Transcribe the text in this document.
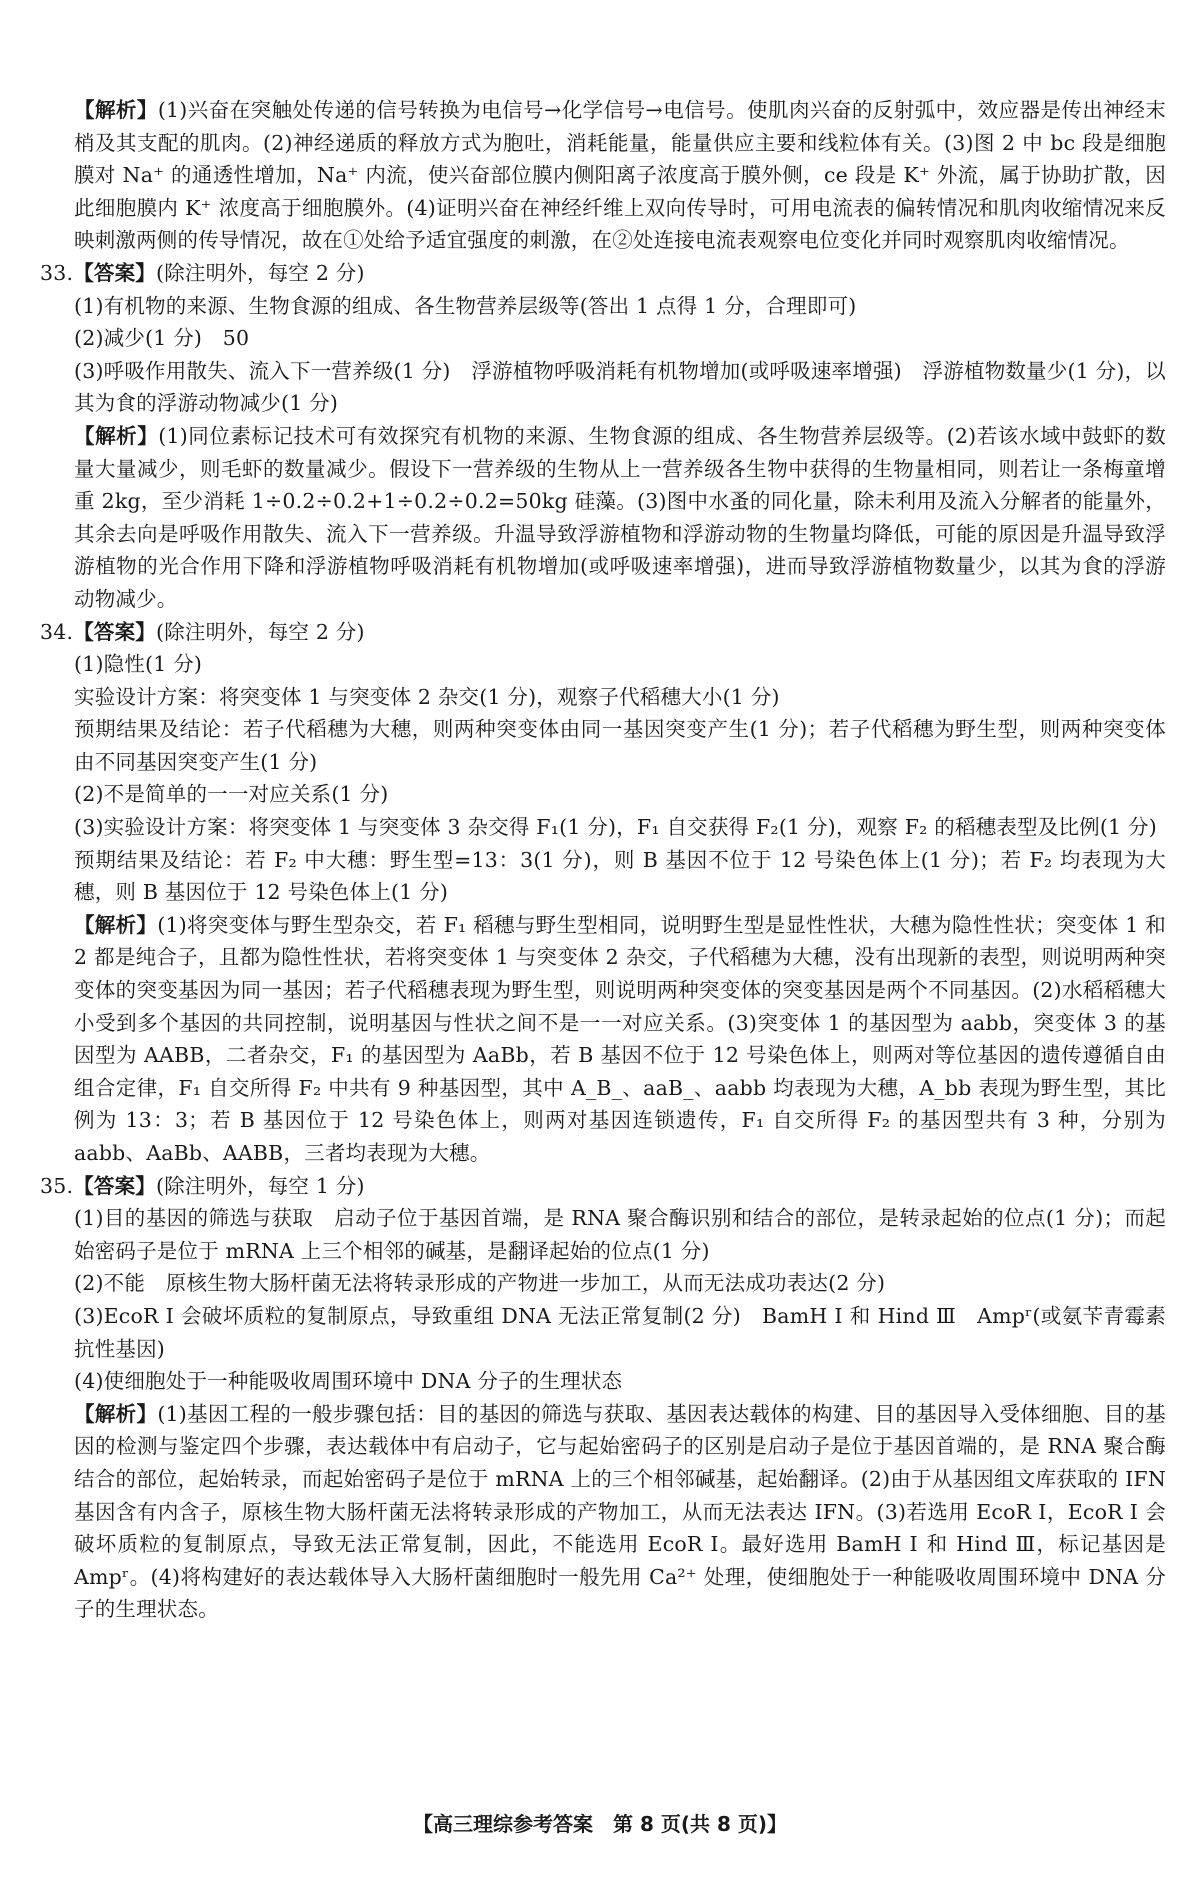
【解析】(1)兴奋在突触处传递的信号转换为电信号→化学信号→电信号。使肌肉兴奋的反射弧中，效应器是传出神经末梢及其支配的肌肉。(2)神经递质的释放方式为胞吐，消耗能量，能量供应主要和线粒体有关。(3)图 2 中 bc 段是细胞膜对 Na⁺ 的通透性增加，Na⁺ 内流，使兴奋部位膜内侧阳离子浓度高于膜外侧，ce 段是 K⁺ 外流，属于协助扩散，因此细胞膜内 K⁺ 浓度高于细胞膜外。(4)证明兴奋在神经纤维上双向传导时，可用电流表的偏转情况和肌肉收缩情况来反映刺激两侧的传导情况，故在①处给予适宜强度的刺激，在②处连接电流表观察电位变化并同时观察肌肉收缩情况。

33.【答案】(除注明外，每空 2 分)

(1)有机物的来源、生物食源的组成、各生物营养层级等(答出 1 点得 1 分，合理即可)

(2)减少(1 分)　50

(3)呼吸作用散失、流入下一营养级(1 分)　浮游植物呼吸消耗有机物增加(或呼吸速率增强)　浮游植物数量少(1 分)，以其为食的浮游动物减少(1 分)

【解析】(1)同位素标记技术可有效探究有机物的来源、生物食源的组成、各生物营养层级等。(2)若该水域中鼓虾的数量大量减少，则毛虾的数量减少。假设下一营养级的生物从上一营养级各生物中获得的生物量相同，则若让一条梅童增重 2kg，至少消耗 1÷0.2÷0.2+1÷0.2÷0.2=50kg 硅藻。(3)图中水蚤的同化量，除未利用及流入分解者的能量外，其余去向是呼吸作用散失、流入下一营养级。升温导致浮游植物和浮游动物的生物量均降低，可能的原因是升温导致浮游植物的光合作用下降和浮游植物呼吸消耗有机物增加(或呼吸速率增强)，进而导致浮游植物数量少，以其为食的浮游动物减少。

34.【答案】(除注明外，每空 2 分)

(1)隐性(1 分)

实验设计方案：将突变体 1 与突变体 2 杂交(1 分)，观察子代稻穗大小(1 分)

预期结果及结论：若子代稻穗为大穗，则两种突变体由同一基因突变产生(1 分)；若子代稻穗为野生型，则两种突变体由不同基因突变产生(1 分)

(2)不是简单的一一对应关系(1 分)

(3)实验设计方案：将突变体 1 与突变体 3 杂交得 F₁(1 分)，F₁ 自交获得 F₂(1 分)，观察 F₂ 的稻穗表型及比例(1 分)

预期结果及结论：若 F₂ 中大穗：野生型=13：3(1 分)，则 B 基因不位于 12 号染色体上(1 分)；若 F₂ 均表现为大穗，则 B 基因位于 12 号染色体上(1 分)

【解析】(1)将突变体与野生型杂交，若 F₁ 稻穗与野生型相同，说明野生型是显性性状，大穗为隐性性状；突变体 1 和 2 都是纯合子，且都为隐性性状，若将突变体 1 与突变体 2 杂交，子代稻穗为大穗，没有出现新的表型，则说明两种突变体的突变基因为同一基因；若子代稻穗表现为野生型，则说明两种突变体的突变基因是两个不同基因。(2)水稻稻穗大小受到多个基因的共同控制，说明基因与性状之间不是一一对应关系。(3)突变体 1 的基因型为 aabb，突变体 3 的基因型为 AABB，二者杂交，F₁ 的基因型为 AaBb，若 B 基因不位于 12 号染色体上，则两对等位基因的遗传遵循自由组合定律，F₁ 自交所得 F₂ 中共有 9 种基因型，其中 A_B_、aaB_、aabb 均表现为大穗，A_bb 表现为野生型，其比例为 13：3；若 B 基因位于 12 号染色体上，则两对基因连锁遗传，F₁ 自交所得 F₂ 的基因型共有 3 种，分别为 aabb、AaBb、AABB，三者均表现为大穗。

35.【答案】(除注明外，每空 1 分)

(1)目的基因的筛选与获取　启动子位于基因首端，是 RNA 聚合酶识别和结合的部位，是转录起始的位点(1 分)；而起始密码子是位于 mRNA 上三个相邻的碱基，是翻译起始的位点(1 分)

(2)不能　原核生物大肠杆菌无法将转录形成的产物进一步加工，从而无法成功表达(2 分)

(3)EcoR Ⅰ 会破坏质粒的复制原点，导致重组 DNA 无法正常复制(2 分)　BamH Ⅰ 和 Hind Ⅲ　Ampʳ(或氨苄青霉素抗性基因)

(4)使细胞处于一种能吸收周围环境中 DNA 分子的生理状态

【解析】(1)基因工程的一般步骤包括：目的基因的筛选与获取、基因表达载体的构建、目的基因导入受体细胞、目的基因的检测与鉴定四个步骤，表达载体中有启动子，它与起始密码子的区别是启动子是位于基因首端的，是 RNA 聚合酶结合的部位，起始转录，而起始密码子是位于 mRNA 上的三个相邻碱基，起始翻译。(2)由于从基因组文库获取的 IFN 基因含有内含子，原核生物大肠杆菌无法将转录形成的产物加工，从而无法表达 IFN。(3)若选用 EcoR Ⅰ，EcoR Ⅰ 会破坏质粒的复制原点，导致无法正常复制，因此，不能选用 EcoR Ⅰ。最好选用 BamH Ⅰ 和 Hind Ⅲ，标记基因是 Ampʳ。(4)将构建好的表达载体导入大肠杆菌细胞时一般先用 Ca²⁺ 处理，使细胞处于一种能吸收周围环境中 DNA 分子的生理状态。

【高三理综参考答案　第 8 页(共 8 页)】
